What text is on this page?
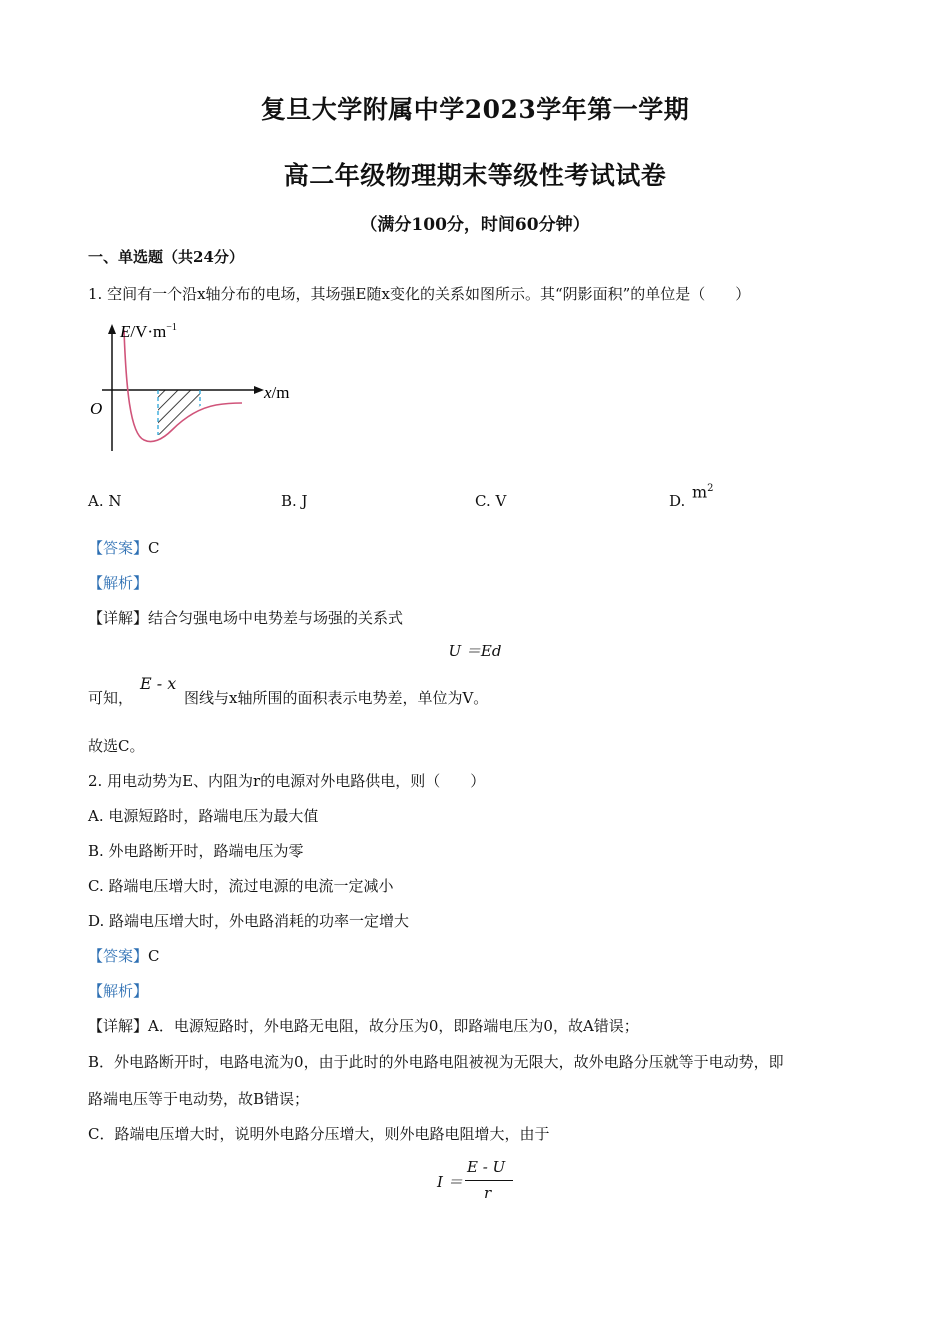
复旦大学附属中学2023学年第一学期
高二年级物理期末等级性考试试卷
（满分100分，时间60分钟）
一、单选题（共24分）
1. 空间有一个沿x轴分布的电场，其场强E随x变化的关系如图所示。其“阴影面积”的单位是（　　）
$E/V\cdot m^{-1}$
x/m
O
A. N	B. J	C. V	D. $m^2$
【答案】C
【解析】
【详解】结合匀强电场中电势差与场强的关系式
U ＝Ed
可知，
E - x
图线与x轴所围的面积表示电势差，单位为V。
故选C。
2. 用电动势为E、内阻为r的电源对外电路供电，则（　　）
A. 电源短路时，路端电压为最大值
B. 外电路断开时，路端电压为零
C. 路端电压增大时，流过电源的电流一定减小
D. 路端电压增大时，外电路消耗的功率一定增大
【答案】C
【解析】
【详解】A．电源短路时，外电路无电阻，故分压为0，即路端电压为0，故A错误；
B．外电路断开时，电路电流为0，由于此时的外电路电阻被视为无限大，故外电路分压就等于电动势，即
路端电压等于电动势，故B错误；
C．路端电压增大时，说明外电路分压增大，则外电路电阻增大，由于
I ＝
E - U
r
